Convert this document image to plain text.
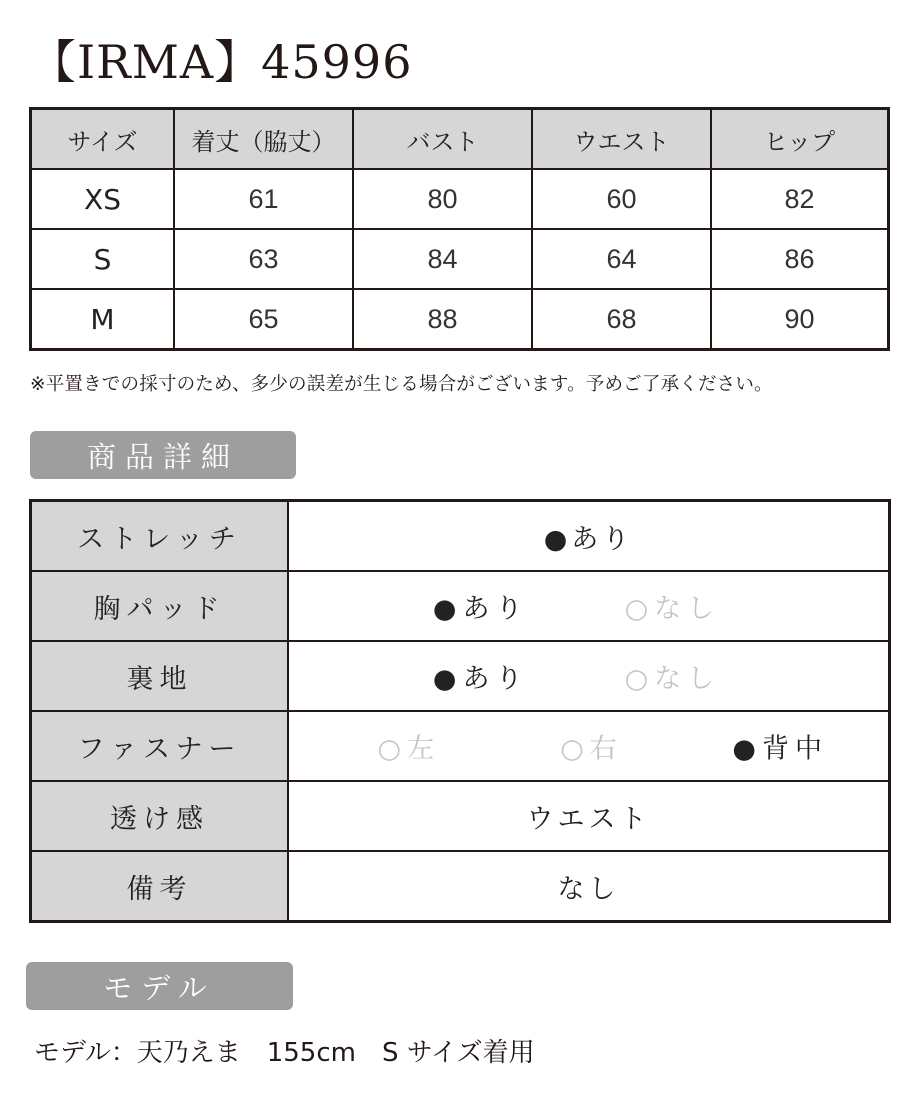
【IRMA】45996
サイズ	着丈（脇丈）	バスト	ウエスト	ヒップ
XS	61	80	60	82
S	63	84	64	86
M	65	88	68	90
※平置きでの採寸のため、多少の誤差が生じる場合がございます。予めご了承ください。
商品詳細
ストレッチ	●あり
胸パッド	●あり ○なし

裏地	●あり ○なし

ファスナー	○左 ○右 ●背中

透け感	ウエスト
備考	なし
モデル
モデル：天乃えま　155cm　S サイズ着用
